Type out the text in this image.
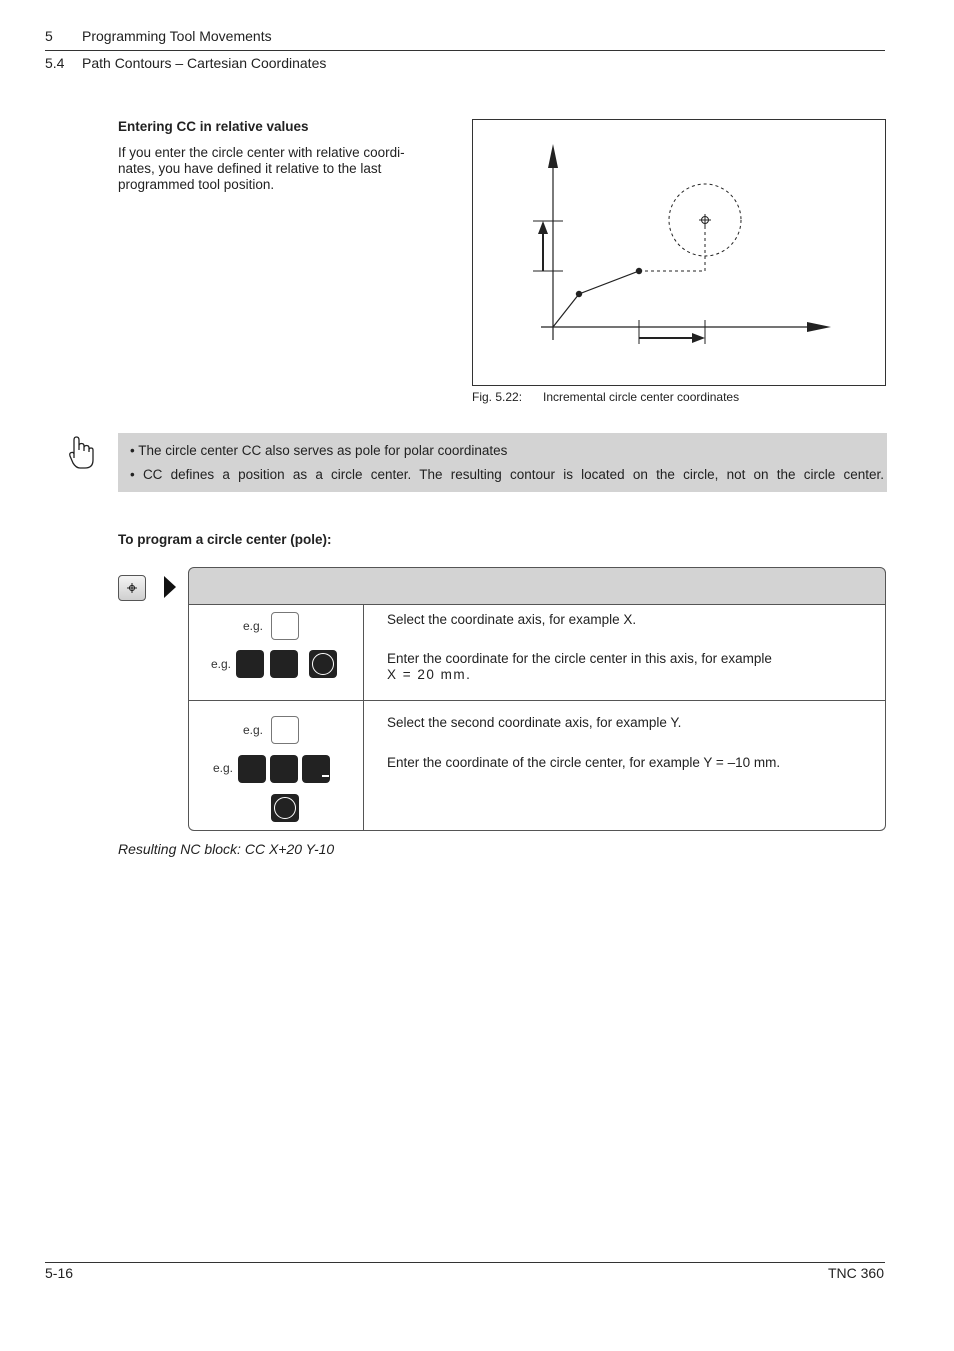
5 Programming Tool Movements
5.4 Path Contours – Cartesian Coordinates
Entering CC in relative values
If you enter the circle center with relative coordi-
nates, you have defined it relative to the last
programmed tool position.
Fig. 5.22: Incremental circle center coordinates
• The circle center CC also serves as pole for polar coordinates
• CC defines a position as a circle center. The resulting contour is located on the circle, not on the circle center.
To program a circle center (pole):
e.g.
e.g.
Select the coordinate axis, for example X.
Enter the coordinate for the circle center in this axis, for example
X = 20 mm.
e.g.
e.g.
Select the second coordinate axis, for example Y.
Enter the coordinate of the circle center, for example Y = –10 mm.
Resulting NC block: CC X+20 Y-10
5-16	TNC 360
